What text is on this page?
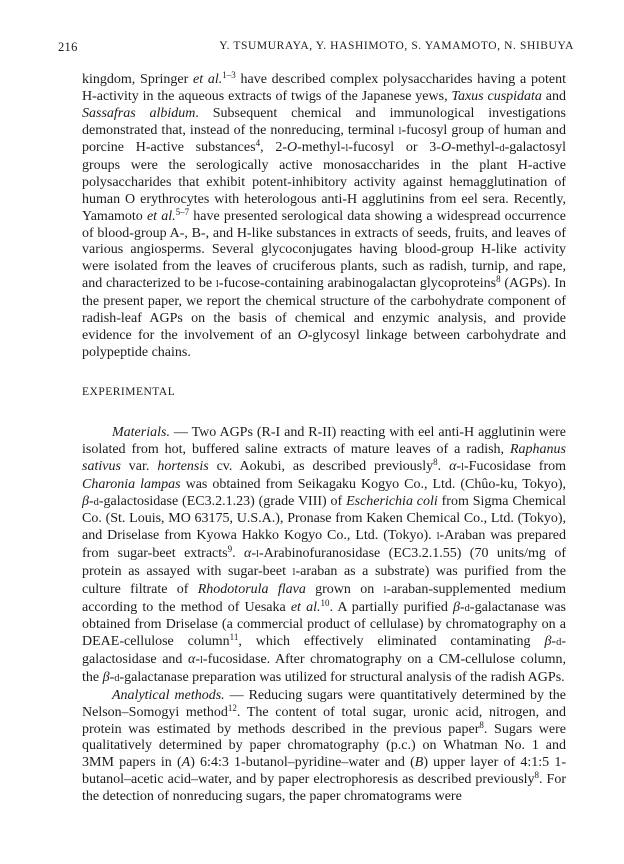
216	Y. TSUMURAYA, Y. HASHIMOTO, S. YAMAMOTO, N. SHIBUYA

kingdom, Springer et al.$^{1-3}$ have described complex polysaccharides having a potent H-activity in the aqueous extracts of twigs of the Japanese yews, Taxus cuspidata and Sassafras albidum. Subsequent chemical and immunological investigations demonstrated that, instead of the nonreducing, terminal l-fucosyl group of human and porcine H-active substances$^4$, 2-O-methyl-l-fucosyl or 3-O-methyl-d-galactosyl groups were the serologically active monosaccharides in the plant H-active polysaccharides that exhibit potent-inhibitory activity against hemagglutination of human O erythrocytes with heterologous anti-H agglutinins from eel sera. Recently, Yamamoto et al.$^{5-7}$ have presented serological data showing a widespread occurrence of blood-group A-, B-, and H-like substances in extracts of seeds, fruits, and leaves of various angiosperms. Several glycoconjugates having blood-group H-like activity were isolated from the leaves of cruciferous plants, such as radish, turnip, and rape, and characterized to be l-fucose-containing arabinogalactan glycoproteins$^8$ (AGPs). In the present paper, we report the chemical structure of the carbohydrate component of radish-leaf AGPs on the basis of chemical and enzymic analysis, and provide evidence for the involvement of an O-glycosyl linkage between carbohydrate and polypeptide chains.

EXPERIMENTAL

Materials. — Two AGPs (R-I and R-II) reacting with eel anti-H agglutinin were isolated from hot, buffered saline extracts of mature leaves of a radish, Raphanus sativus var. hortensis cv. Aokubi, as described previously$^8$. α-l-Fucosidase from Charonia lampas was obtained from Seikagaku Kogyo Co., Ltd. (Chûo-ku, Tokyo), β-d-galactosidase (EC3.2.1.23) (grade VIII) of Escherichia coli from Sigma Chemical Co. (St. Louis, MO 63175, U.S.A.), Pronase from Kaken Chemical Co., Ltd. (Tokyo), and Driselase from Kyowa Hakko Kogyo Co., Ltd. (Tokyo). l-Araban was prepared from sugar-beet extracts$^9$. α-l-Arabinofuranosidase (EC3.2.1.55) (70 units/mg of protein as assayed with sugar-beet l-araban as a substrate) was purified from the culture filtrate of Rhodotorula flava grown on l-araban-supplemented medium according to the method of Uesaka et al.$^{10}$. A partially purified β-d-galactanase was obtained from Driselase (a commercial product of cellulase) by chromatography on a DEAE-cellulose column$^{11}$, which effectively eliminated contaminating β-d-galactosidase and α-l-fucosidase. After chromatography on a CM-cellulose column, the β-d-galactanase preparation was utilized for structural analysis of the radish AGPs.

Analytical methods. — Reducing sugars were quantitatively determined by the Nelson–Somogyi method$^{12}$. The content of total sugar, uronic acid, nitrogen, and protein was estimated by methods described in the previous paper$^8$. Sugars were qualitatively determined by paper chromatography (p.c.) on Whatman No. 1 and 3MM papers in (A) 6:4:3 1-butanol–pyridine–water and (B) upper layer of 4:1:5 1-butanol–acetic acid–water, and by paper electrophoresis as described previously$^8$. For the detection of nonreducing sugars, the paper chromatograms were
